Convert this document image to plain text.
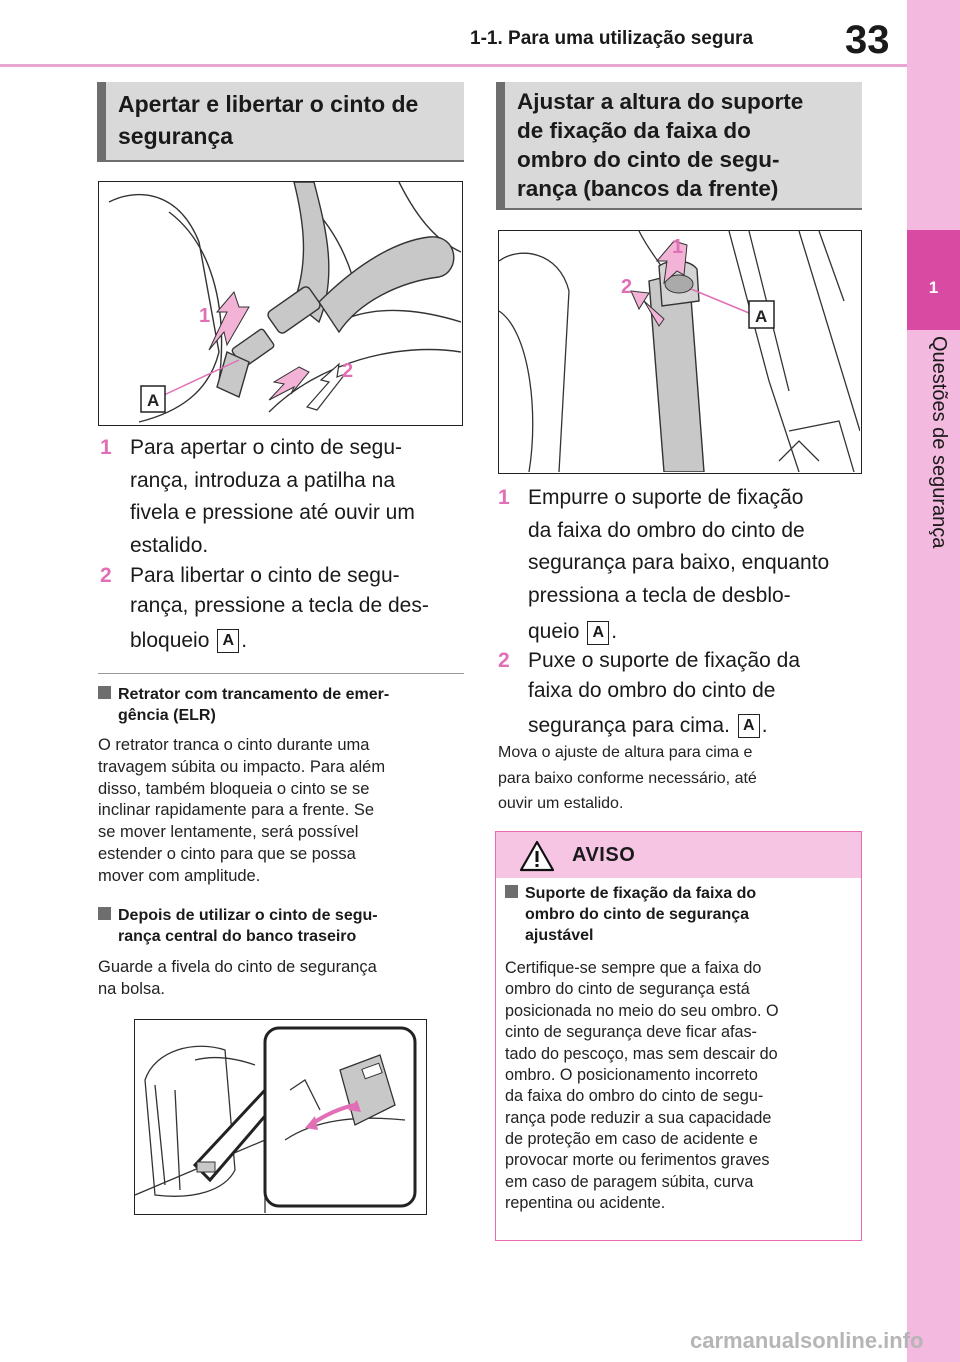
1-1. Para uma utilização segura 33
1
Questões de segurança
Apertar e libertar o cinto de
segurança
1
2
A
1 Para apertar o cinto de segu-
rança, introduza a patilha na
fivela e pressione até ouvir um
estalido.
2 Para libertar o cinto de segu-
rança, pressione a tecla de des-
bloqueio A .
Retrator com trancamento de emer-
gência (ELR)
O retrator tranca o cinto durante uma
travagem súbita ou impacto. Para além
disso, também bloqueia o cinto se se
inclinar rapidamente para a frente. Se
se mover lentamente, será possível
estender o cinto para que se possa
mover com amplitude.
Depois de utilizar o cinto de segu-
rança central do banco traseiro
Guarde a fivela do cinto de segurança
na bolsa.
Ajustar a altura do suporte
de fixação da faixa do
ombro do cinto de segu-
rança (bancos da frente)
1
2
A
1 Empurre o suporte de fixação
da faixa do ombro do cinto de
segurança para baixo, enquanto
pressiona a tecla de desblo-
queio A .
2 Puxe o suporte de fixação da
faixa do ombro do cinto de
segurança para cima. A .
Mova o ajuste de altura para cima e
para baixo conforme necessário, até
ouvir um estalido.
AVISO
Suporte de fixação da faixa do
ombro do cinto de segurança
ajustável
Certifique-se sempre que a faixa do
ombro do cinto de segurança está
posicionada no meio do seu ombro. O
cinto de segurança deve ficar afas-
tado do pescoço, mas sem descair do
ombro. O posicionamento incorreto
da faixa do ombro do cinto de segu-
rança pode reduzir a sua capacidade
de proteção em caso de acidente e
provocar morte ou ferimentos graves
em caso de paragem súbita, curva
repentina ou acidente.
carmanualsonline.info
